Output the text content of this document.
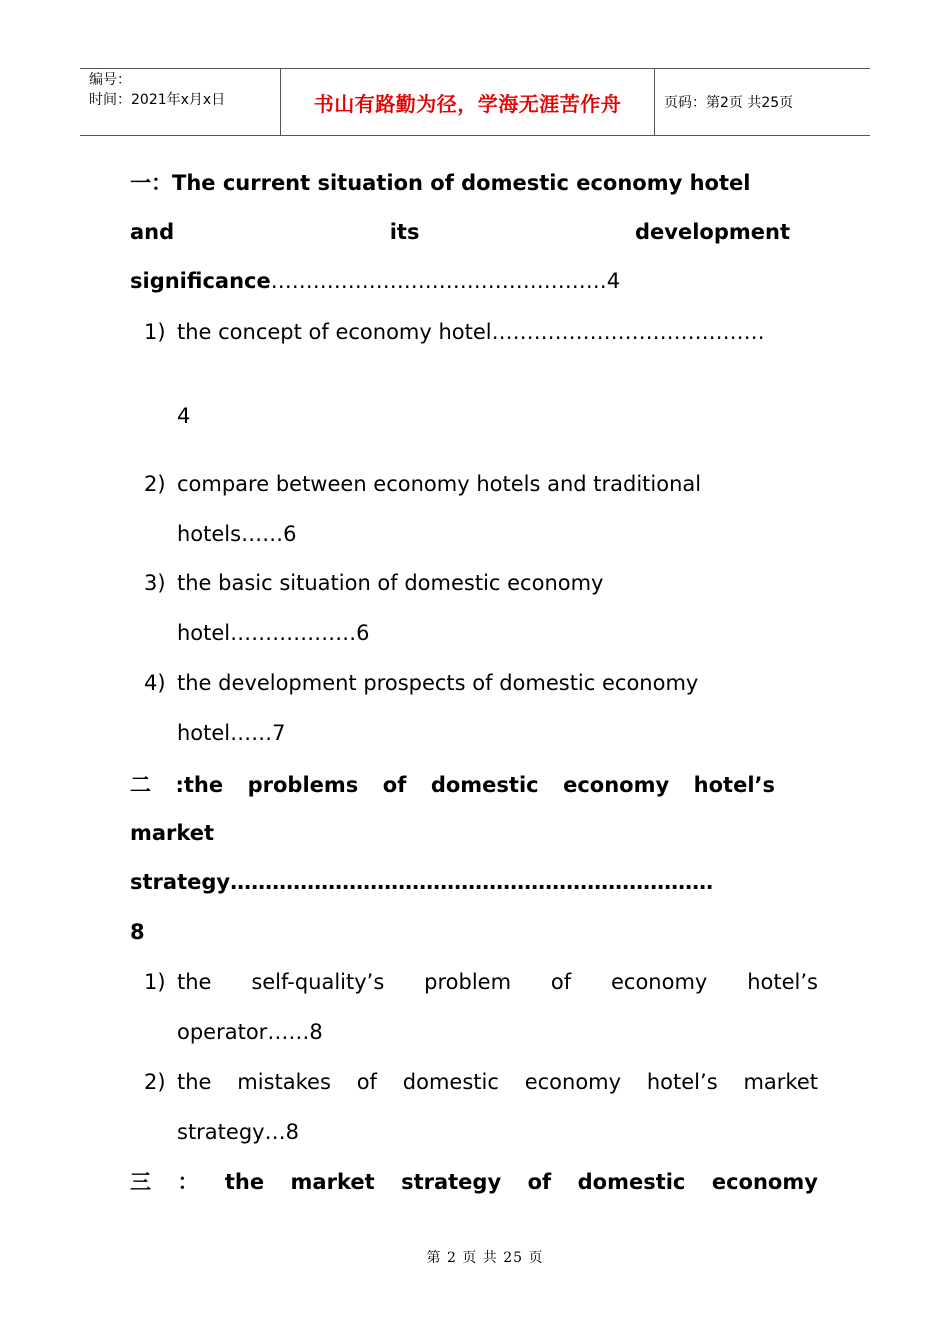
编号：
时间：2021年x月x日	书山有路勤为径，学海无涯苦作舟	页码：第2页 共25页
一：The current situation of domestic economy hotel
and	its	development
significance…………………………………………4
1) the concept of economy hotel…………………………………
4
2) compare between economy hotels and traditional
hotels……6
3) the basic situation of domestic economy
hotel………………6
4) the development prospects of domestic economy
hotel……7
二 :the problems of domestic economy hotel’s
market
strategy……………………………………………………………
8
1) the self-quality’s problem of economy hotel’s
operator……8
2) the mistakes of domestic economy hotel’s market
strategy…8
三 ： the market strategy of domestic economy
第 2 页 共 25 页
